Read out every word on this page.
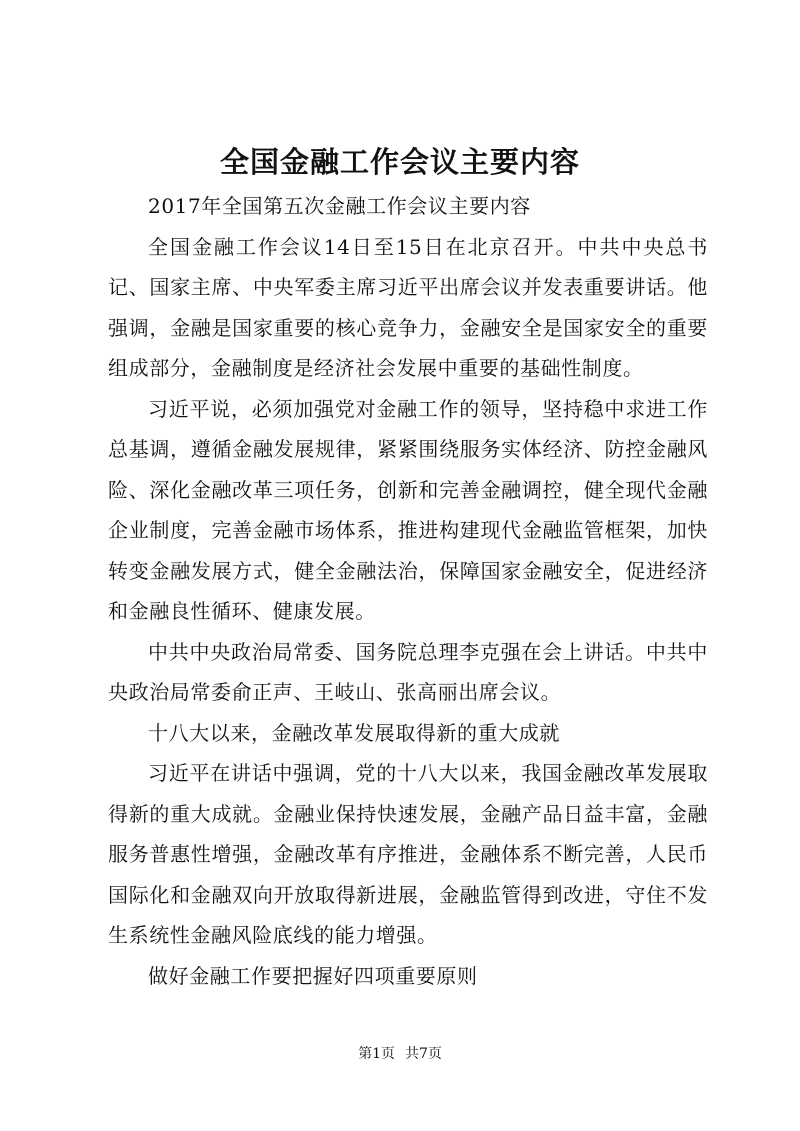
全国金融工作会议主要内容

2017年全国第五次金融工作会议主要内容

全国金融工作会议14日至15日在北京召开。中共中央总书记、国家主席、中央军委主席习近平出席会议并发表重要讲话。他强调，金融是国家重要的核心竞争力，金融安全是国家安全的重要组成部分，金融制度是经济社会发展中重要的基础性制度。

习近平说，必须加强党对金融工作的领导，坚持稳中求进工作总基调，遵循金融发展规律，紧紧围绕服务实体经济、防控金融风险、深化金融改革三项任务，创新和完善金融调控，健全现代金融企业制度，完善金融市场体系，推进构建现代金融监管框架，加快转变金融发展方式，健全金融法治，保障国家金融安全，促进经济和金融良性循环、健康发展。

中共中央政治局常委、国务院总理李克强在会上讲话。中共中央政治局常委俞正声、王岐山、张高丽出席会议。

十八大以来，金融改革发展取得新的重大成就

习近平在讲话中强调，党的十八大以来，我国金融改革发展取得新的重大成就。金融业保持快速发展，金融产品日益丰富，金融服务普惠性增强，金融改革有序推进，金融体系不断完善，人民币国际化和金融双向开放取得新进展，金融监管得到改进，守住不发生系统性金融风险底线的能力增强。

做好金融工作要把握好四项重要原则

第1页 共7页
